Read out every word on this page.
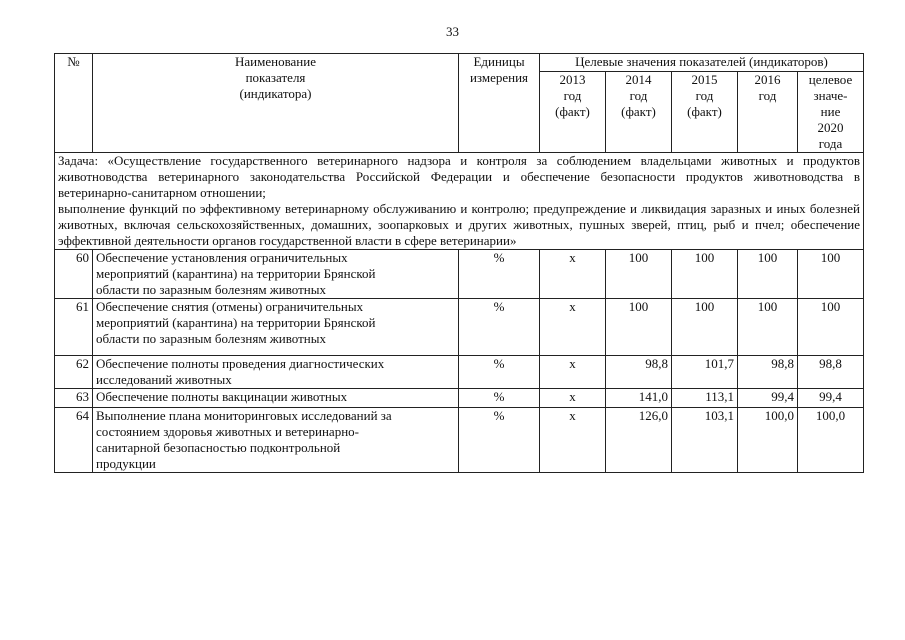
33
№	Наименование
показателя
(индикатора)	Единицы
измерения	Целевые значения показателей (индикаторов)				
			2013
год
(факт)	2014
год
(факт)	2015
год
(факт)	2016
год	целевое
значе-
ние
2020
года

Задача: «Осуществление государственного ветеринарного надзора и контроля за соблюдением владельцами животных и продуктов животноводства ветеринарного законодательства Российской Федерации и обеспечение безопасности продуктов животноводства в ветеринарно-санитарном отношении;

выполнение функций по эффективному ветеринарному обслуживанию и контролю; предупреждение и ликвидация заразных и иных болезней животных, включая сельскохозяйственных, домашних, зоопарковых и других животных, пушных зверей, птиц, рыб и пчел; обеспечение эффективной деятельности органов государственной власти в сфере ветеринарии»							

60	Обеспечение установления ограничительных
мероприятий (карантина) на территории Брянской
области по заразным болезням животных	%	х	100	100	100	100
61	Обеспечение снятия (отмены) ограничительных
мероприятий (карантина) на территории Брянской
области по заразным болезням животных	%	х	100	100	100	100
62	Обеспечение полноты проведения диагностических
исследований животных	%	х	98,8	101,7	98,8	98,8
63	Обеспечение полноты вакцинации животных	%	х	141,0	113,1	99,4	99,4
64	Выполнение плана мониторинговых исследований за
состоянием здоровья животных и ветеринарно-
санитарной безопасностью подконтрольной
продукции	%	х	126,0	103,1	100,0	100,0
